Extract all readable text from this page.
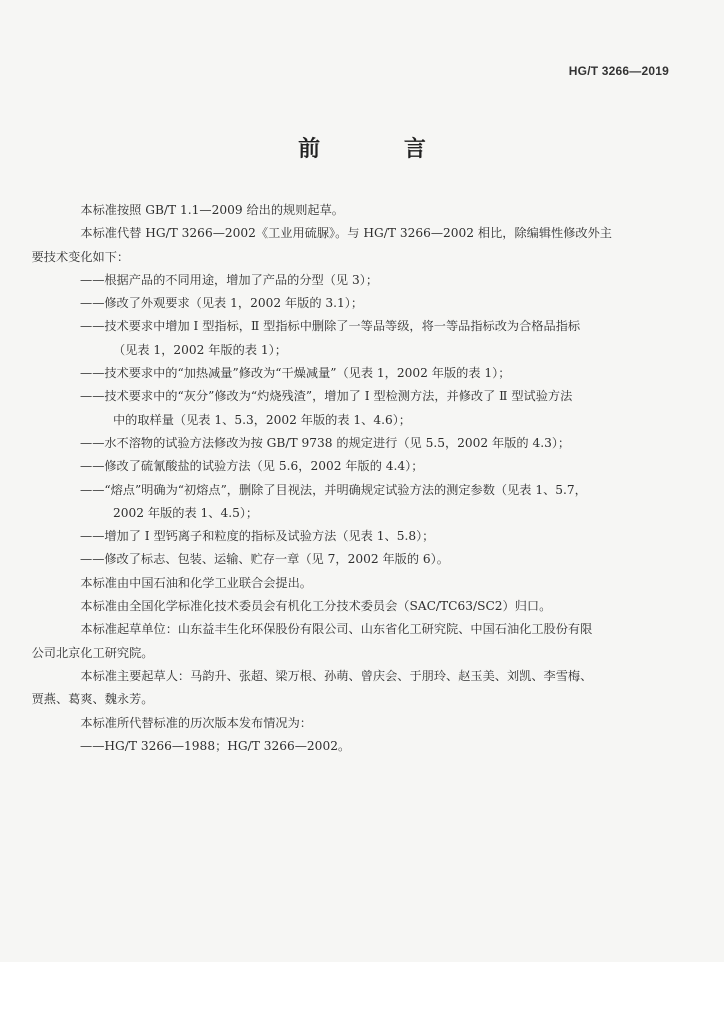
HG/T 3266—2019
前 言

本标准按照 GB/T 1.1—2009 给出的规则起草。

本标准代替 HG/T 3266—2002《工业用硫脲》。与 HG/T 3266—2002 相比，除编辑性修改外主
要技术变化如下：

——根据产品的不同用途，增加了产品的分型（见 3）；

——修改了外观要求（见表 1，2002 年版的 3.1）；

——技术要求中增加 Ⅰ 型指标，Ⅱ 型指标中删除了一等品等级，将一等品指标改为合格品指标
（见表 1，2002 年版的表 1）；

——技术要求中的“加热减量”修改为“干燥减量”（见表 1，2002 年版的表 1）；

——技术要求中的“灰分”修改为“灼烧残渣”，增加了 Ⅰ 型检测方法，并修改了 Ⅱ 型试验方法
中的取样量（见表 1、5.3，2002 年版的表 1、4.6）；

——水不溶物的试验方法修改为按 GB/T 9738 的规定进行（见 5.5，2002 年版的 4.3）；

——修改了硫氰酸盐的试验方法（见 5.6，2002 年版的 4.4）；

——“熔点”明确为“初熔点”，删除了目视法，并明确规定试验方法的测定参数（见表 1、5.7，
2002 年版的表 1、4.5）；

——增加了 Ⅰ 型钙离子和粒度的指标及试验方法（见表 1、5.8）；

——修改了标志、包装、运输、贮存一章（见 7，2002 年版的 6）。

本标准由中国石油和化学工业联合会提出。

本标准由全国化学标准化技术委员会有机化工分技术委员会（SAC/TC63/SC2）归口。

本标准起草单位：山东益丰生化环保股份有限公司、山东省化工研究院、中国石油化工股份有限
公司北京化工研究院。

本标准主要起草人：马韵升、张超、梁万根、孙萌、曾庆会、于朋玲、赵玉美、刘凯、李雪梅、
贾燕、葛爽、魏永芳。

本标准所代替标准的历次版本发布情况为：

——HG/T 3266—1988；HG/T 3266—2002。
